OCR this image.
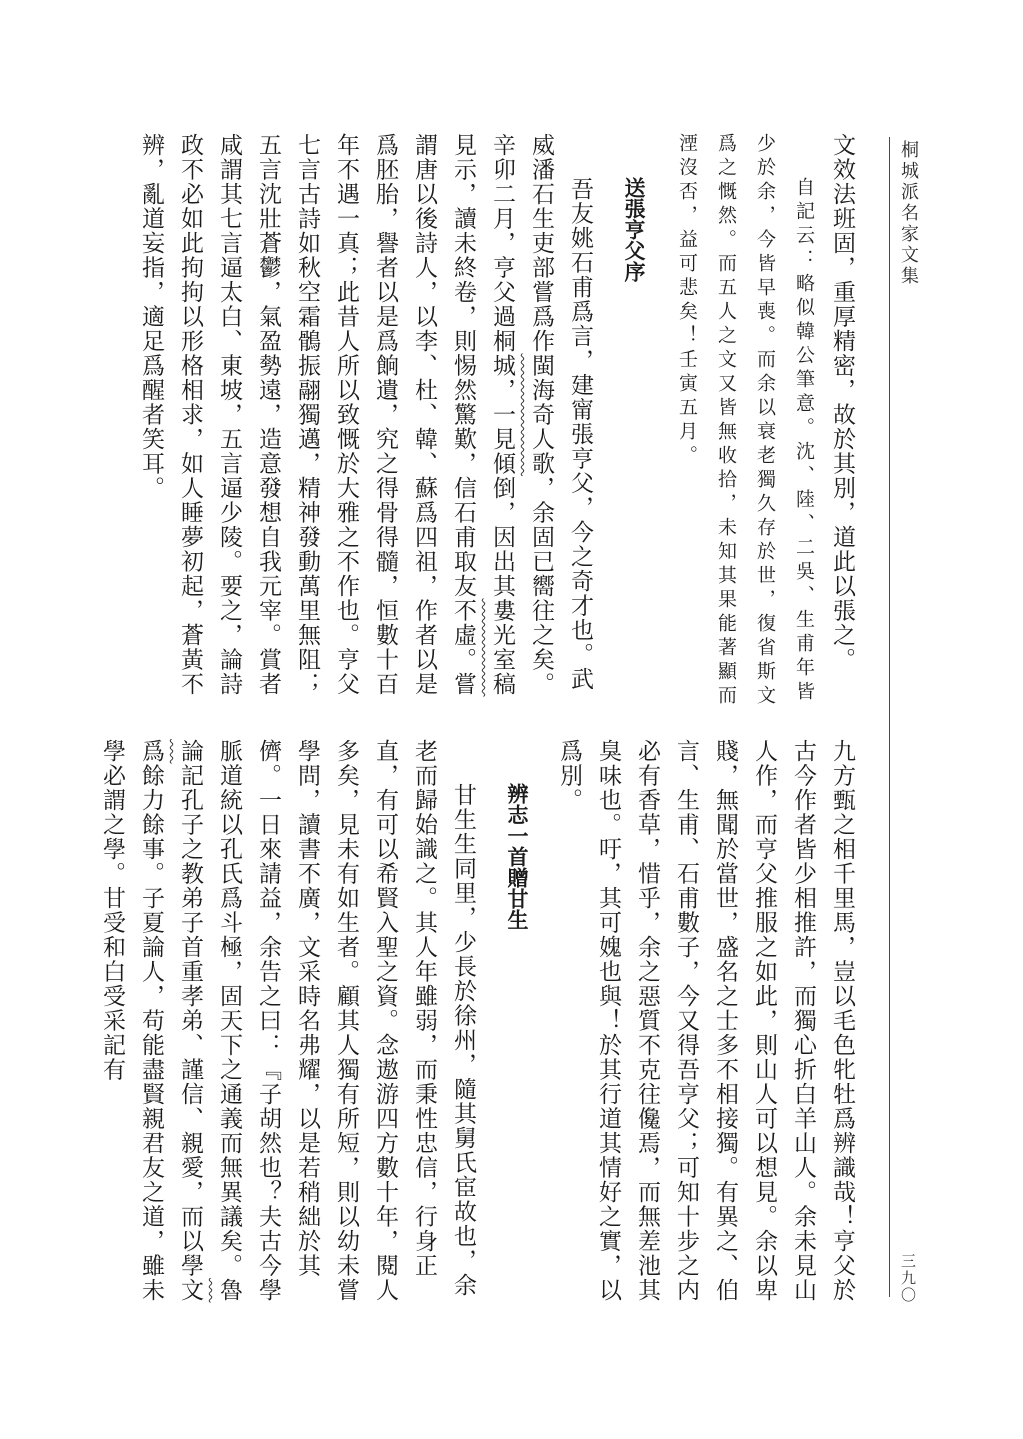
桐城派名家文集
三九〇
文效法班固，重厚精密，故於其別，道此以張之。
自記云：略似韓公筆意。沈、陸、二吳、生甫年皆少於余，今皆早喪。而余以衰老獨久存於世，復省斯文爲之慨然。而五人之文又皆無收拾，未知其果能著顯而湮沒否，益可悲矣！壬寅五月。
送張亨父序
吾友姚石甫爲言，建甯張亨父，今之奇才也。武威潘石生吏部嘗爲作閩海奇人歌，余固已嚮往之矣。辛卯二月，亨父過桐城，一見傾倒，因出其婁光室稿見示，讀未終卷，則惕然驚歎，信石甫取友不虛。嘗謂唐以後詩人，以李、杜、韓、蘇爲四祖，作者以是爲胚胎，譽者以是爲餉遺，究之得骨得髓，恒數十百年不遇一真；此昔人所以致慨於大雅之不作也。亨父七言古詩如秋空霜鶻振翮獨邁，精神發動萬里無阻；五言沈壯蒼鬱，氣盈勢遠，造意發想自我元宰。賞者咸謂其七言逼太白、東坡，五言逼少陵。要之，論詩政不必如此拘拘以形格相求，如人睡夢初起，蒼黃不辨，亂道妄指，適足爲醒者笑耳。
九方甄之相千里馬，豈以毛色牝牡爲辨識哉！亨父於古今作者皆少相推許，而獨心折白羊山人。余未見山人作，而亨父推服之如此，則山人可以想見。余以卑賤，無聞於當世，盛名之士多不相接獨。有異之、伯言、生甫、石甫數子，今又得吾亨父；可知十步之内必有香草，惜乎，余之惡質不克往儳焉，而無差池其臭味也。吁，其可媿也與！於其行道其情好之實，以爲別。
辨志一首贈甘生
甘生生同里，少長於徐州，隨其舅氏宦故也，余老而歸始識之。其人年雖弱，而秉性忠信，行身正直，有可以希賢入聖之資。念遨游四方數十年，閱人多矣，見未有如生者。顧其人獨有所短，則以幼未嘗學問，讀書不廣，文采時名弗耀，以是若稍絀於其儕。一日來請益，余告之曰：『子胡然也？夫古今學脈道統以孔氏爲斗極，固天下之通義而無異議矣。魯論記孔子之教弟子首重孝弟、謹信、親愛，而以學文爲餘力餘事。子夏論人，苟能盡賢親君友之道，雖未學必謂之學。甘受和白受采記有
